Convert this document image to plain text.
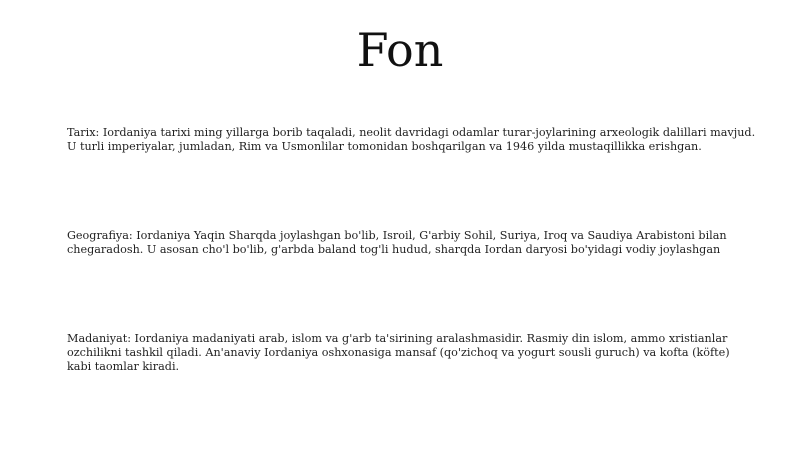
Fon

Tarix: Iordaniya tarixi ming yillarga borib taqaladi, neolit davridagi odamlar turar-joylarining arxeologik dalillari mavjud. U turli imperiyalar, jumladan, Rim va Usmonlilar tomonidan boshqarilgan va 1946 yilda mustaqillikka erishgan.

Geografiya: Iordaniya Yaqin Sharqda joylashgan bo'lib, Isroil, G'arbiy Sohil, Suriya, Iroq va Saudiya Arabistoni bilan chegaradosh. U asosan cho'l bo'lib, g'arbda baland tog'li hudud, sharqda Iordan daryosi bo'yidagi vodiy joylashgan

Madaniyat: Iordaniya madaniyati arab, islom va g'arb ta'sirining aralashmasidir. Rasmiy din islom, ammo xristianlar ozchilikni tashkil qiladi. An'anaviy Iordaniya oshxonasiga mansaf (qo'zichoq va yogurt sousli guruch) va kofta (köfte) kabi taomlar kiradi.
